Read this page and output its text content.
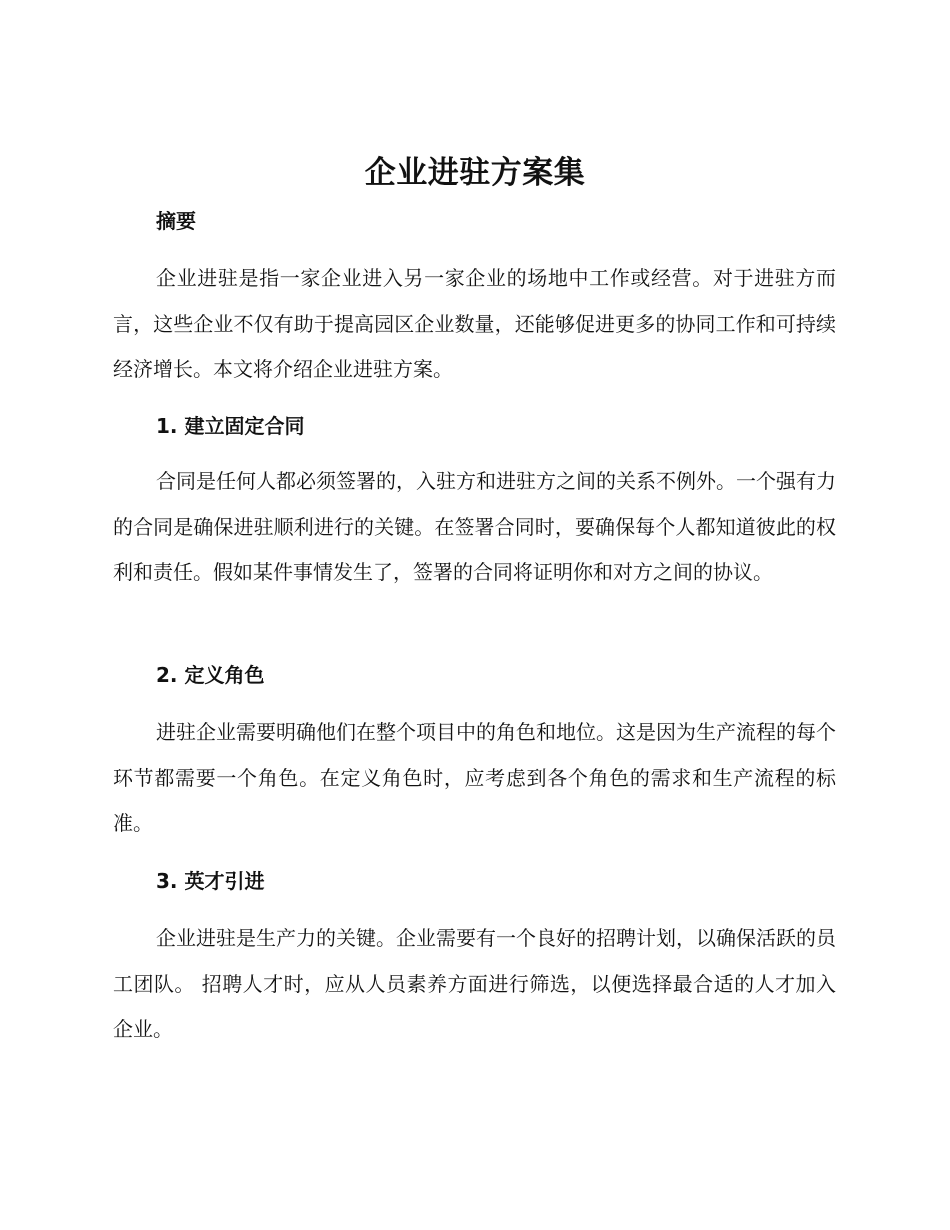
企业进驻方案集
摘要
企业进驻是指一家企业进入另一家企业的场地中工作或经营。对于进驻方而言，这些企业不仅有助于提高园区企业数量，还能够促进更多的协同工作和可持续经济增长。本文将介绍企业进驻方案。
1. 建立固定合同
合同是任何人都必须签署的，入驻方和进驻方之间的关系不例外。一个强有力的合同是确保进驻顺利进行的关键。在签署合同时，要确保每个人都知道彼此的权利和责任。假如某件事情发生了，签署的合同将证明你和对方之间的协议。
2. 定义角色
进驻企业需要明确他们在整个项目中的角色和地位。这是因为生产流程的每个环节都需要一个角色。在定义角色时，应考虑到各个角色的需求和生产流程的标准。
3. 英才引进
企业进驻是生产力的关键。企业需要有一个良好的招聘计划，以确保活跃的员工团队。 招聘人才时，应从人员素养方面进行筛选，以便选择最合适的人才加入企业。
